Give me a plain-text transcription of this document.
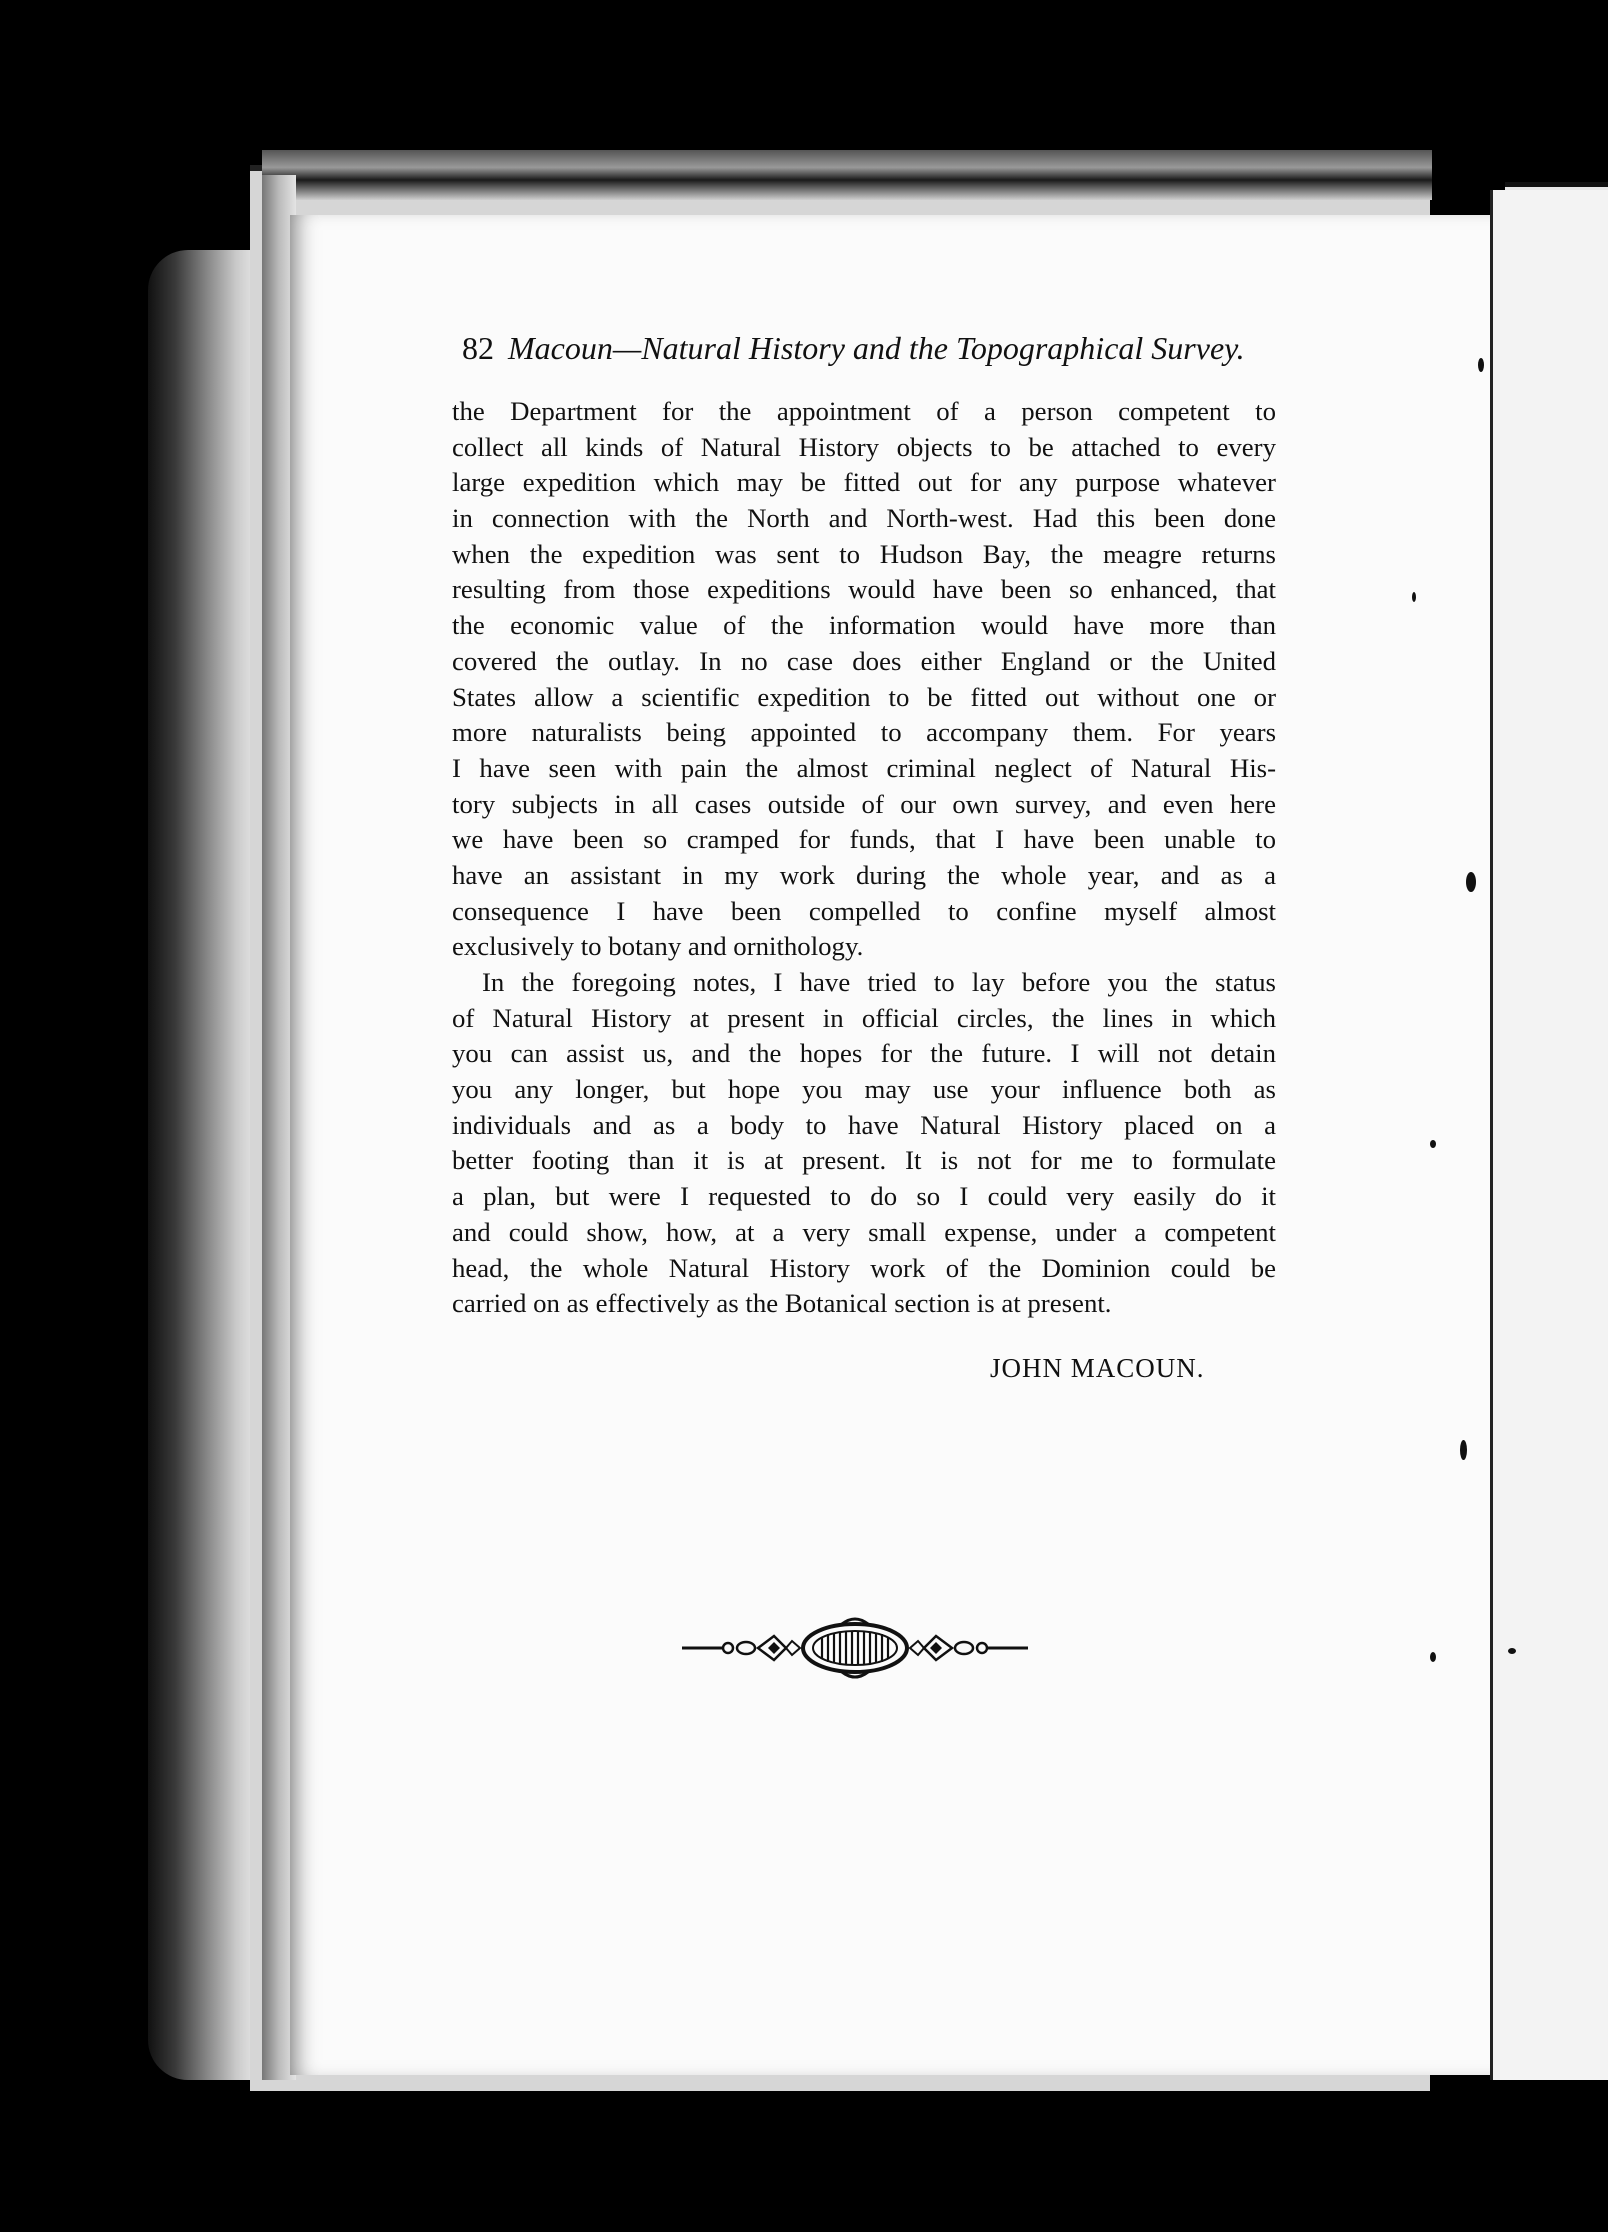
82 Macoun—Natural History and the Topographical Survey.
the Department for the appointment of a person competent to
collect all kinds of Natural History objects to be attached to every
large expedition which may be fitted out for any purpose whatever
in connection with the North and North-west. Had this been done
when the expedition was sent to Hudson Bay, the meagre returns
resulting from those expeditions would have been so enhanced, that
the economic value of the information would have more than
covered the outlay. In no case does either England or the United
States allow a scientific expedition to be fitted out without one or
more naturalists being appointed to accompany them. For years
I have seen with pain the almost criminal neglect of Natural His-
tory subjects in all cases outside of our own survey, and even here
we have been so cramped for funds, that I have been unable to
have an assistant in my work during the whole year, and as a
consequence I have been compelled to confine myself almost
exclusively to botany and ornithology.
In the foregoing notes, I have tried to lay before you the status
of Natural History at present in official circles, the lines in which
you can assist us, and the hopes for the future. I will not detain
you any longer, but hope you may use your influence both as
individuals and as a body to have Natural History placed on a
better footing than it is at present. It is not for me to formulate
a plan, but were I requested to do so I could very easily do it
and could show, how, at a very small expense, under a competent
head, the whole Natural History work of the Dominion could be
carried on as effectively as the Botanical section is at present.
JOHN MACOUN.
